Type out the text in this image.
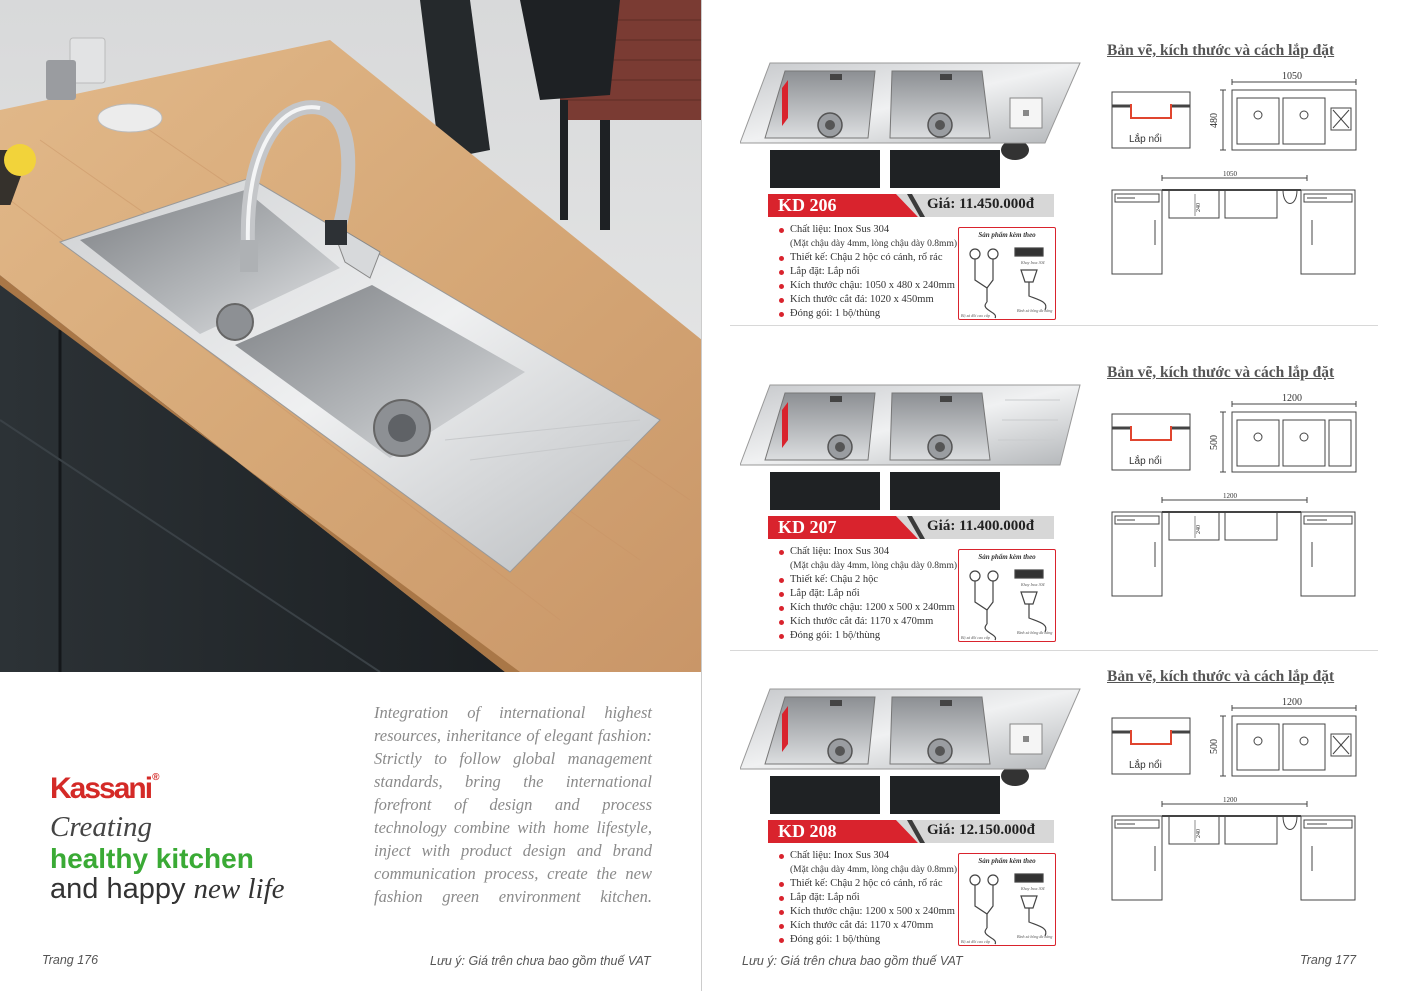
Kassani®
Creating
healthy kitchen
and happy new life

Integration of international highest resources, inheritance of elegant fashion: Strictly to follow global management standards, bring the international forefront of design and process technology combine with home lifestyle, inject with product design and brand communication process, create the new fashion green environment kitchen.

Trang 176	Lưu ý: Giá trên chưa bao gồm thuế VAT
KD 206	Giá: 11.450.000đ
Chất liệu: Inox Sus 304
(Mặt chậu dày 4mm, lòng chậu dày 0.8mm)
Thiết kế: Chậu 2 hộc có cánh, rổ rác
Lắp đặt: Lắp nổi
Kích thước chậu: 1050 x 480 x 240mm
Kích thước cắt đá: 1020 x 450mm
Đóng gói: 1 bộ/thùng
Sản phẩm kèm theo
Khay Inox 304
Bộ xả đôi cao cấp
Bình xà bông đa năng
Bản vẽ, kích thước và cách lắp đặt
Lắp nổi
1050
480
1050
240
KD 207	Giá: 11.400.000đ
Chất liệu: Inox Sus 304
(Mặt chậu dày 4mm, lòng chậu dày 0.8mm)
Thiết kế: Chậu 2 hộc
Lắp đặt: Lắp nổi
Kích thước chậu: 1200 x 500 x 240mm
Kích thước cắt đá: 1170 x 470mm
Đóng gói: 1 bộ/thùng
Sản phẩm kèm theo
Khay Inox 304
Bộ xả đôi cao cấp
Bình xà bông đa năng
Bản vẽ, kích thước và cách lắp đặt
Lắp nổi
1200
500
1200
240
KD 208	Giá: 12.150.000đ
Chất liệu: Inox Sus 304
(Mặt chậu dày 4mm, lòng chậu dày 0.8mm)
Thiết kế: Chậu 2 hộc có cánh, rổ rác
Lắp đặt: Lắp nổi
Kích thước chậu: 1200 x 500 x 240mm
Kích thước cắt đá: 1170 x 470mm
Đóng gói: 1 bộ/thùng
Sản phẩm kèm theo
Khay Inox 304
Bộ xả đôi cao cấp
Bình xà bông đa năng
Bản vẽ, kích thước và cách lắp đặt
Lắp nổi
1200
500
1200
240
Lưu ý: Giá trên chưa bao gồm thuế VAT	Trang 177
